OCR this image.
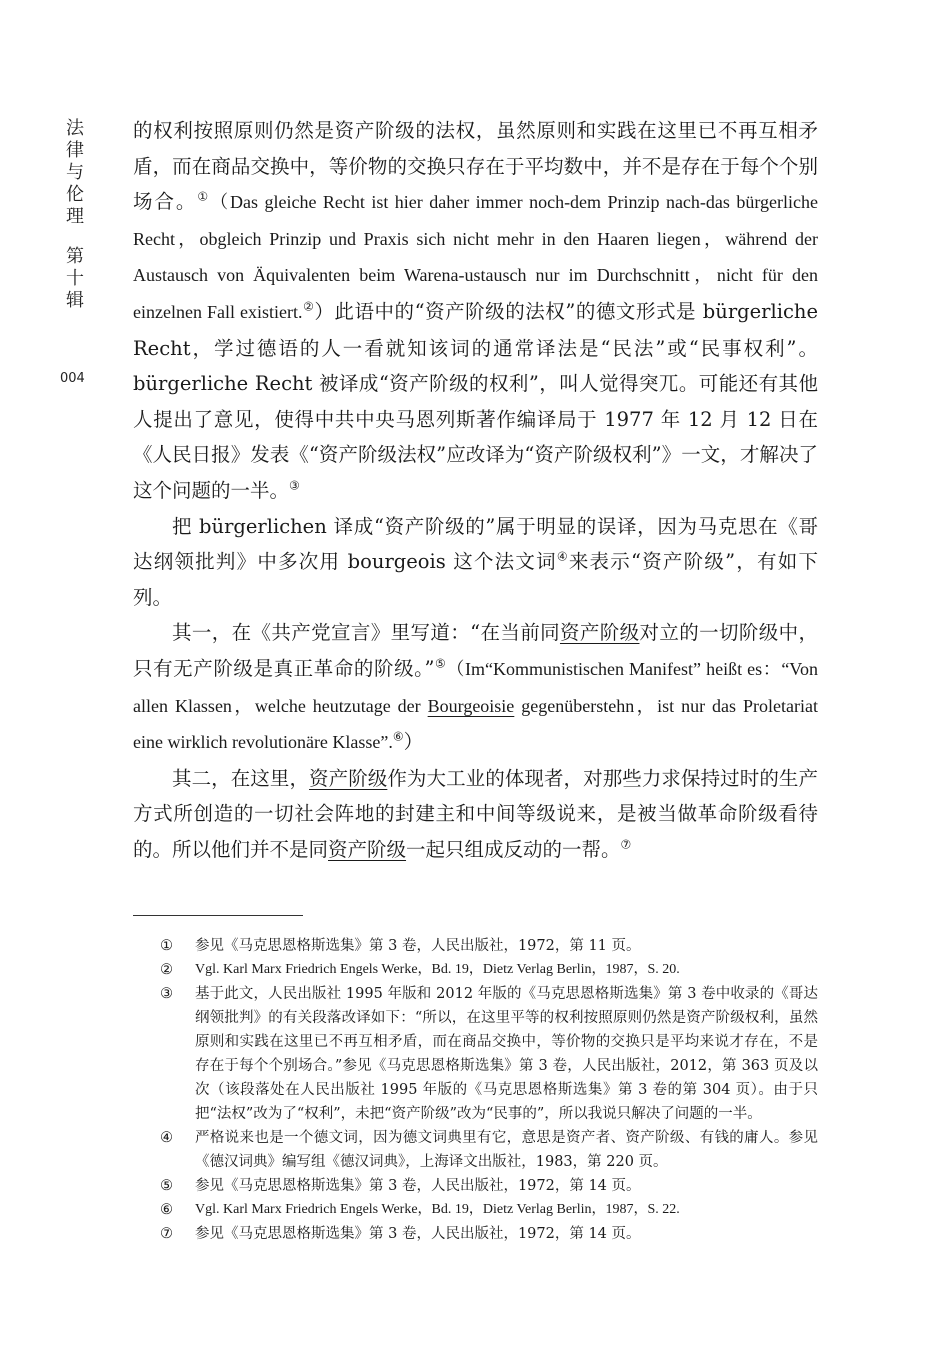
法律与伦理
第十辑
004

的权利按照原则仍然是资产阶级的法权，虽然原则和实践在这里已不再互相矛盾，而在商品交换中，等价物的交换只存在于平均数中，并不是存在于每个个别场合。①（Das gleiche Recht ist hier daher immer noch-dem Prinzip nach-das bürgerliche Recht，obgleich Prinzip und Praxis sich nicht mehr in den Haaren liegen，während der Austausch von Äquivalenten beim Warena-ustausch nur im Durchschnitt，nicht für den einzelnen Fall existiert.②）此语中的“资产阶级的法权”的德文形式是 bürgerliche Recht，学过德语的人一看就知该词的通常译法是“民法”或“民事权利”。bürgerliche Recht 被译成“资产阶级的权利”，叫人觉得突兀。可能还有其他人提出了意见，使得中共中央马恩列斯著作编译局于 1977 年 12 月 12 日在《人民日报》发表《“资产阶级法权”应改译为“资产阶级权利”》一文，才解决了这个问题的一半。③

把 bürgerlichen 译成“资产阶级的”属于明显的误译，因为马克思在《哥达纲领批判》中多次用 bourgeois 这个法文词④来表示“资产阶级”，有如下列。

其一，在《共产党宣言》里写道：“在当前同资产阶级对立的一切阶级中，只有无产阶级是真正革命的阶级。”⑤（Im“Kommunistischen Manifest” heißt es：“Von allen Klassen，welche heutzutage der Bourgeoisie gegenüberstehn，ist nur das Proletariat eine wirklich revolutionäre Klasse”.⑥）

其二，在这里，资产阶级作为大工业的体现者，对那些力求保持过时的生产方式所创造的一切社会阵地的封建主和中间等级说来，是被当做革命阶级看待的。所以他们并不是同资产阶级一起只组成反动的一帮。⑦

①	参见《马克思恩格斯选集》第 3 卷，人民出版社，1972，第 11 页。
②	Vgl. Karl Marx Friedrich Engels Werke，Bd. 19，Dietz Verlag Berlin，1987，S. 20.
③	基于此文，人民出版社 1995 年版和 2012 年版的《马克思恩格斯选集》第 3 卷中收录的《哥达纲领批判》的有关段落改译如下：“所以，在这里平等的权利按照原则仍然是资产阶级权利，虽然原则和实践在这里已不再互相矛盾，而在商品交换中，等价物的交换只是平均来说才存在，不是存在于每个个别场合。”参见《马克思恩格斯选集》第 3 卷，人民出版社，2012，第 363 页及以次（该段落处在人民出版社 1995 年版的《马克思恩格斯选集》第 3 卷的第 304 页）。由于只把“法权”改为了“权利”，未把“资产阶级”改为“民事的”，所以我说只解决了问题的一半。
④	严格说来也是一个德文词，因为德文词典里有它，意思是资产者、资产阶级、有钱的庸人。参见《德汉词典》编写组《德汉词典》，上海译文出版社，1983，第 220 页。
⑤	参见《马克思恩格斯选集》第 3 卷，人民出版社，1972，第 14 页。
⑥	Vgl. Karl Marx Friedrich Engels Werke，Bd. 19，Dietz Verlag Berlin，1987，S. 22.
⑦	参见《马克思恩格斯选集》第 3 卷，人民出版社，1972，第 14 页。
